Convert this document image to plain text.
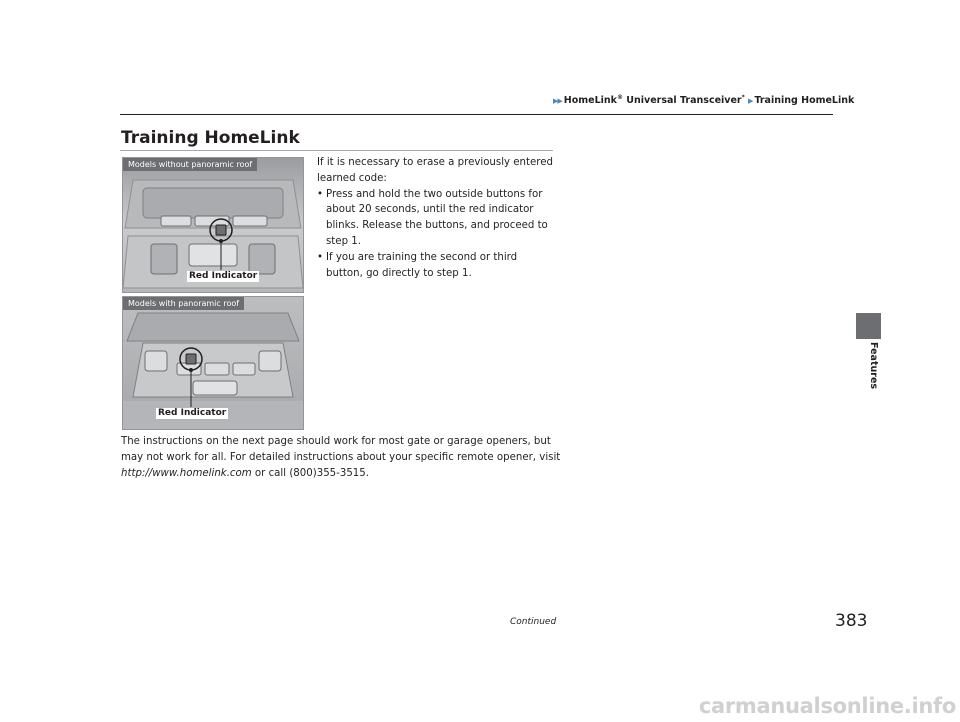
▶▶ HomeLink® Universal Transceiver* ▶ Training HomeLink
Features
Training HomeLink
Models without panoramic roof
Red Indicator
Models with panoramic roof
Red Indicator

If it is necessary to erase a previously entered learned code:

• Press and hold the two outside buttons for about 20 seconds, until the red indicator blinks. Release the buttons, and proceed to step 1.
• If you are training the second or third button, go directly to step 1.

The instructions on the next page should work for most gate or garage openers, but may not work for all. For detailed instructions about your specific remote opener, visit http://www.homelink.com or call (800)355-3515.

Continued	383
carmanualsonline.info
